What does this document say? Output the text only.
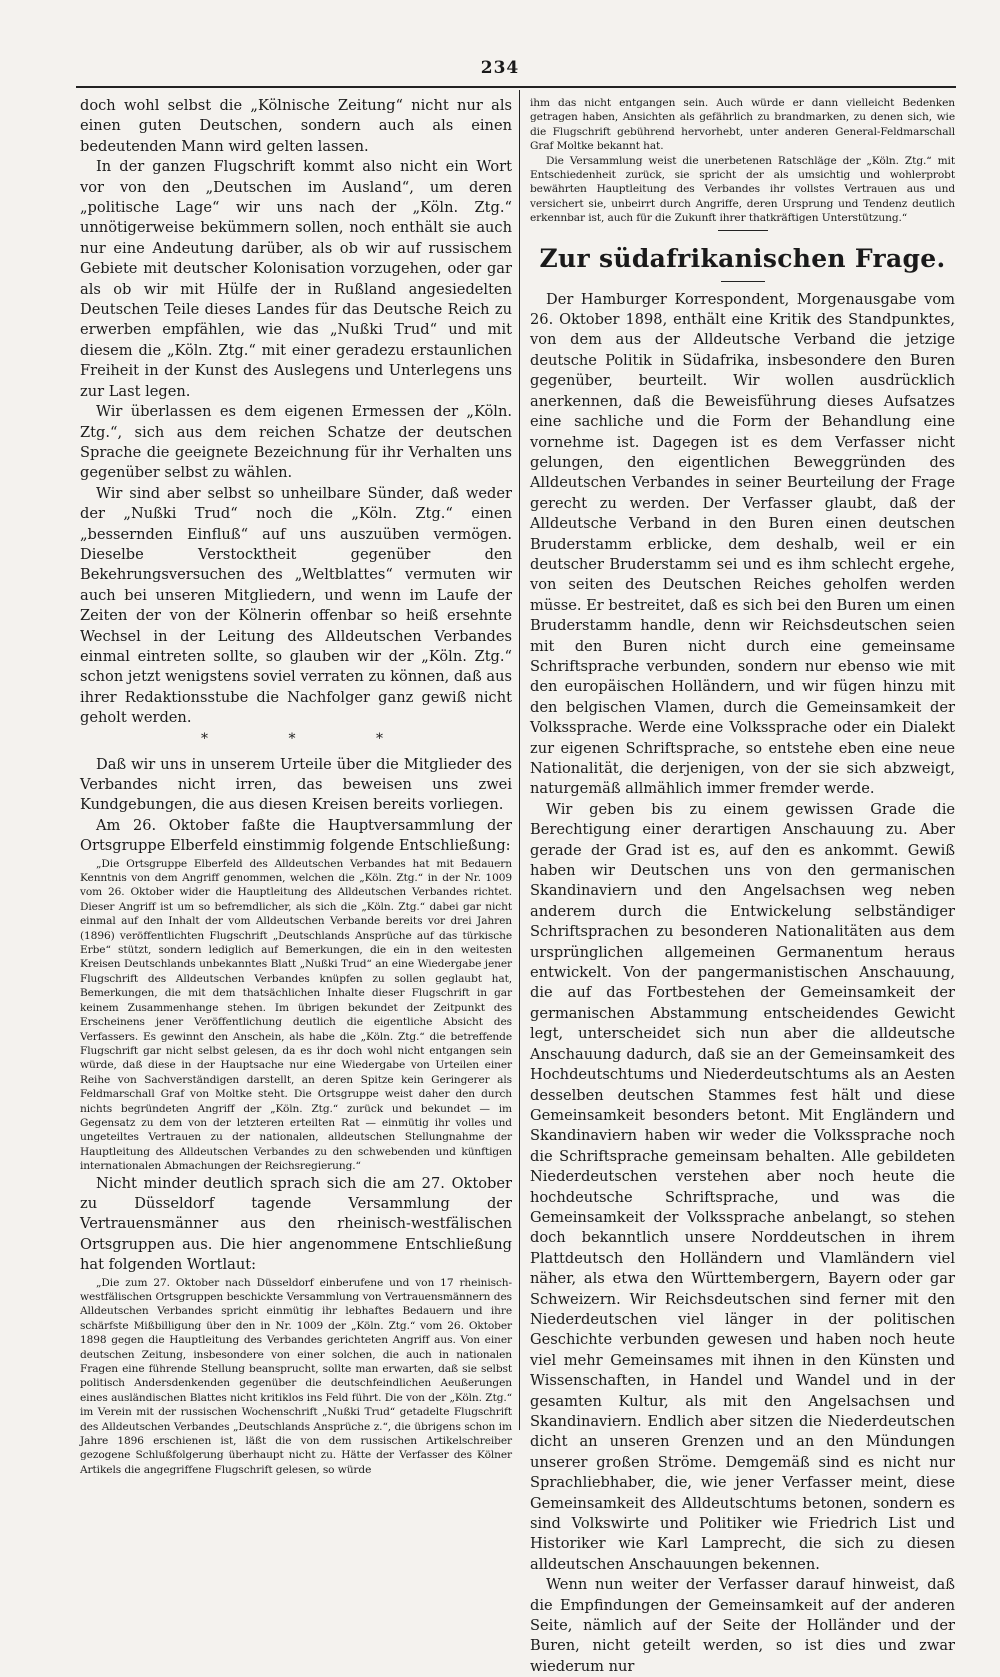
234

doch wohl selbst die „Kölnische Zeitung“ nicht nur als einen guten Deutschen, sondern auch als einen bedeutenden Mann wird gelten lassen.

In der ganzen Flugschrift kommt also nicht ein Wort vor von den „Deutschen im Ausland“, um deren „politische Lage“ wir uns nach der „Köln. Ztg.“ unnötigerweise bekümmern sollen, noch enthält sie auch nur eine Andeutung darüber, als ob wir auf russischem Gebiete mit deutscher Kolonisation vorzugehen, oder gar als ob wir mit Hülfe der in Rußland angesiedelten Deutschen Teile dieses Landes für das Deutsche Reich zu erwerben empfählen, wie das „Nußki Trud“ und mit diesem die „Köln. Ztg.“ mit einer geradezu erstaunlichen Freiheit in der Kunst des Auslegens und Unterlegens uns zur Last legen.

Wir überlassen es dem eigenen Ermessen der „Köln. Ztg.“, sich aus dem reichen Schatze der deutschen Sprache die geeignete Bezeichnung für ihr Verhalten uns gegenüber selbst zu wählen.

Wir sind aber selbst so unheilbare Sünder, daß weder der „Nußki Trud“ noch die „Köln. Ztg.“ einen „bessernden Einfluß“ auf uns auszuüben vermögen. Dieselbe Verstocktheit gegenüber den Bekehrungsversuchen des „Weltblattes“ vermuten wir auch bei unseren Mitgliedern, und wenn im Laufe der Zeiten der von der Kölnerin offenbar so heiß ersehnte Wechsel in der Leitung des Alldeutschen Verbandes einmal eintreten sollte, so glauben wir der „Köln. Ztg.“ schon jetzt wenigstens soviel verraten zu können, daß aus ihrer Redaktionsstube die Nachfolger ganz gewiß nicht geholt werden.

* * *

Daß wir uns in unserem Urteile über die Mitglieder des Verbandes nicht irren, das beweisen uns zwei Kundgebungen, die aus diesen Kreisen bereits vorliegen.

Am 26. Oktober faßte die Hauptversammlung der Ortsgruppe Elberfeld einstimmig folgende Entschließung:

„Die Ortsgruppe Elberfeld des Alldeutschen Verbandes hat mit Bedauern Kenntnis von dem Angriff genommen, welchen die „Köln. Ztg.“ in der Nr. 1009 vom 26. Oktober wider die Hauptleitung des Alldeutschen Verbandes richtet. Dieser Angriff ist um so befremdlicher, als sich die „Köln. Ztg.“ dabei gar nicht einmal auf den Inhalt der vom Alldeutschen Verbande bereits vor drei Jahren (1896) veröffentlichten Flugschrift „Deutschlands Ansprüche auf das türkische Erbe“ stützt, sondern lediglich auf Bemerkungen, die ein in den weitesten Kreisen Deutschlands unbekanntes Blatt „Nußki Trud“ an eine Wiedergabe jener Flugschrift des Alldeutschen Verbandes knüpfen zu sollen geglaubt hat, Bemerkungen, die mit dem thatsächlichen Inhalte dieser Flugschrift in gar keinem Zusammenhange stehen. Im übrigen bekundet der Zeitpunkt des Erscheinens jener Veröffentlichung deutlich die eigentliche Absicht des Verfassers. Es gewinnt den Anschein, als habe die „Köln. Ztg.“ die betreffende Flugschrift gar nicht selbst gelesen, da es ihr doch wohl nicht entgangen sein würde, daß diese in der Hauptsache nur eine Wiedergabe von Urteilen einer Reihe von Sachverständigen darstellt, an deren Spitze kein Geringerer als Feldmarschall Graf von Moltke steht. Die Ortsgruppe weist daher den durch nichts begründeten Angriff der „Köln. Ztg.“ zurück und bekundet — im Gegensatz zu dem von der letzteren erteilten Rat — einmütig ihr volles und ungeteiltes Vertrauen zu der nationalen, alldeutschen Stellungnahme der Hauptleitung des Alldeutschen Verbandes zu den schwebenden und künftigen internationalen Abmachungen der Reichsregierung.“

Nicht minder deutlich sprach sich die am 27. Oktober zu Düsseldorf tagende Versammlung der Vertrauensmänner aus den rheinisch-westfälischen Ortsgruppen aus. Die hier angenommene Entschließung hat folgenden Wortlaut:

„Die zum 27. Oktober nach Düsseldorf einberufene und von 17 rheinisch-westfälischen Ortsgruppen beschickte Versammlung von Vertrauensmännern des Alldeutschen Verbandes spricht einmütig ihr lebhaftes Bedauern und ihre schärfste Mißbilligung über den in Nr. 1009 der „Köln. Ztg.“ vom 26. Oktober 1898 gegen die Hauptleitung des Verbandes gerichteten Angriff aus. Von einer deutschen Zeitung, insbesondere von einer solchen, die auch in nationalen Fragen eine führende Stellung beansprucht, sollte man erwarten, daß sie selbst politisch Andersdenkenden gegenüber die deutschfeindlichen Aeußerungen eines ausländischen Blattes nicht kritiklos ins Feld führt. Die von der „Köln. Ztg.“ im Verein mit der russischen Wochenschrift „Nußki Trud“ getadelte Flugschrift des Alldeutschen Verbandes „Deutschlands Ansprüche z.“, die übrigens schon im Jahre 1896 erschienen ist, läßt die von dem russischen Artikelschreiber gezogene Schlußfolgerung überhaupt nicht zu. Hätte der Verfasser des Kölner Artikels die angegriffene Flugschrift gelesen, so würde

ihm das nicht entgangen sein. Auch würde er dann vielleicht Bedenken getragen haben, Ansichten als gefährlich zu brandmarken, zu denen sich, wie die Flugschrift gebührend hervorhebt, unter anderen General-Feldmarschall Graf Moltke bekannt hat.

Die Versammlung weist die unerbetenen Ratschläge der „Köln. Ztg.“ mit Entschiedenheit zurück, sie spricht der als umsichtig und wohlerprobt bewährten Hauptleitung des Verbandes ihr vollstes Vertrauen aus und versichert sie, unbeirrt durch Angriffe, deren Ursprung und Tendenz deutlich erkennbar ist, auch für die Zukunft ihrer thatkräftigen Unterstützung.“

Zur südafrikanischen Frage.

Der Hamburger Korrespondent, Morgenausgabe vom 26. Oktober 1898, enthält eine Kritik des Standpunktes, von dem aus der Alldeutsche Verband die jetzige deutsche Politik in Südafrika, insbesondere den Buren gegenüber, beurteilt. Wir wollen ausdrücklich anerkennen, daß die Beweisführung dieses Aufsatzes eine sachliche und die Form der Behandlung eine vornehme ist. Dagegen ist es dem Verfasser nicht gelungen, den eigentlichen Beweggründen des Alldeutschen Verbandes in seiner Beurteilung der Frage gerecht zu werden. Der Verfasser glaubt, daß der Alldeutsche Verband in den Buren einen deutschen Bruderstamm erblicke, dem deshalb, weil er ein deutscher Bruderstamm sei und es ihm schlecht ergehe, von seiten des Deutschen Reiches geholfen werden müsse. Er bestreitet, daß es sich bei den Buren um einen Bruderstamm handle, denn wir Reichsdeutschen seien mit den Buren nicht durch eine gemeinsame Schriftsprache verbunden, sondern nur ebenso wie mit den europäischen Holländern, und wir fügen hinzu mit den belgischen Vlamen, durch die Gemeinsamkeit der Volkssprache. Werde eine Volkssprache oder ein Dialekt zur eigenen Schriftsprache, so entstehe eben eine neue Nationalität, die derjenigen, von der sie sich abzweigt, naturgemäß allmählich immer fremder werde.

Wir geben bis zu einem gewissen Grade die Berechtigung einer derartigen Anschauung zu. Aber gerade der Grad ist es, auf den es ankommt. Gewiß haben wir Deutschen uns von den germanischen Skandinaviern und den Angelsachsen weg neben anderem durch die Entwickelung selbständiger Schriftsprachen zu besonderen Nationalitäten aus dem ursprünglichen allgemeinen Germanentum heraus entwickelt. Von der pangermanistischen Anschauung, die auf das Fortbestehen der Gemeinsamkeit der germanischen Abstammung entscheidendes Gewicht legt, unterscheidet sich nun aber die alldeutsche Anschauung dadurch, daß sie an der Gemeinsamkeit des Hochdeutschtums und Niederdeutschtums als an Aesten desselben deutschen Stammes fest hält und diese Gemeinsamkeit besonders betont. Mit Engländern und Skandinaviern haben wir weder die Volkssprache noch die Schriftsprache gemeinsam behalten. Alle gebildeten Niederdeutschen verstehen aber noch heute die hochdeutsche Schriftsprache, und was die Gemeinsamkeit der Volkssprache anbelangt, so stehen doch bekanntlich unsere Norddeutschen in ihrem Plattdeutsch den Holländern und Vlamländern viel näher, als etwa den Württembergern, Bayern oder gar Schweizern. Wir Reichsdeutschen sind ferner mit den Niederdeutschen viel länger in der politischen Geschichte verbunden gewesen und haben noch heute viel mehr Gemeinsames mit ihnen in den Künsten und Wissenschaften, in Handel und Wandel und in der gesamten Kultur, als mit den Angelsachsen und Skandinaviern. Endlich aber sitzen die Niederdeutschen dicht an unseren Grenzen und an den Mündungen unserer großen Ströme. Demgemäß sind es nicht nur Sprachliebhaber, die, wie jener Verfasser meint, diese Gemeinsamkeit des Alldeutschtums betonen, sondern es sind Volkswirte und Politiker wie Friedrich List und Historiker wie Karl Lamprecht, die sich zu diesen alldeutschen Anschauungen bekennen.

Wenn nun weiter der Verfasser darauf hinweist, daß die Empfindungen der Gemeinsamkeit auf der anderen Seite, nämlich auf der Seite der Holländer und der Buren, nicht geteilt werden, so ist dies und zwar wiederum nur
